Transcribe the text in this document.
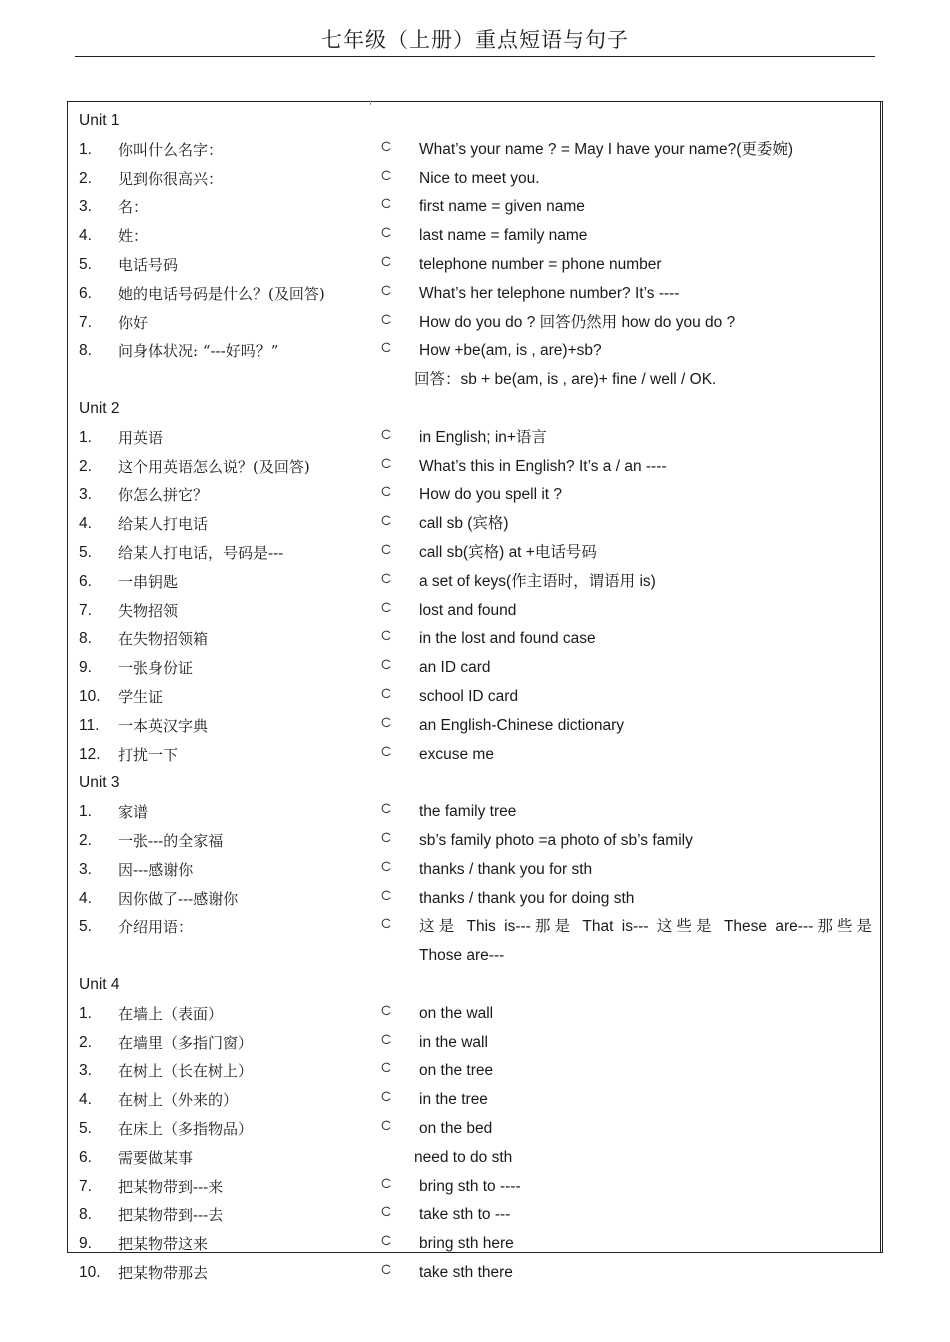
七年级（上册）重点短语与句子
Unit 1
1. 你叫什么名字：	What’s your name ? = May I have your name?(更委婉)
2. 见到你很高兴：	Nice to meet you.
3. 名：	first name = given name
4. 姓：	last name = family name
5. 电话号码	telephone number = phone number
6. 她的电话号码是什么？(及回答)	What’s her telephone number? It’s ----
7. 你好	How do you do ? 回答仍然用 how do you do ?
8. 问身体状况: “---好吗？”	How +be(am, is , are)+sb?
回答：sb + be(am, is , are)+ fine / well / OK.
Unit 2
1. 用英语	in English; in+语言
2. 这个用英语怎么说？(及回答)	What’s this in English? It’s a / an ----
3. 你怎么拼它？	How do you spell it ?
4. 给某人打电话	call sb (宾格)
5. 给某人打电话，号码是---	call sb(宾格) at +电话号码
6. 一串钥匙	a set of keys(作主语时，谓语用 is)
7. 失物招领	lost and found
8. 在失物招领箱	in the lost and found case
9. 一张身份证	an ID card
10. 学生证	school ID card
11. 一本英汉字典	an English-Chinese dictionary
12. 打扰一下	excuse me
Unit 3
1. 家谱	the family tree
2. 一张---的全家福	sb’s family photo =a photo of sb’s family
3. 因---感谢你	thanks / thank you for sth
4. 因你做了---感谢你	thanks / thank you for doing sth
5. 介绍用语：	这是 This is---那是 That is--- 这些是 These are---那些是
Those are---
Unit 4
1. 在墙上（表面）	on the wall
2. 在墙里（多指门窗）	in the wall
3. 在树上（长在树上）	on the tree
4. 在树上（外来的）	in the tree
5. 在床上（多指物品）	on the bed
6. 需要做某事	need to do sth
7. 把某物带到---来	bring sth to ----
8. 把某物带到---去	take sth to ---
9. 把某物带这来	bring sth here
10. 把某物带那去	take sth there
